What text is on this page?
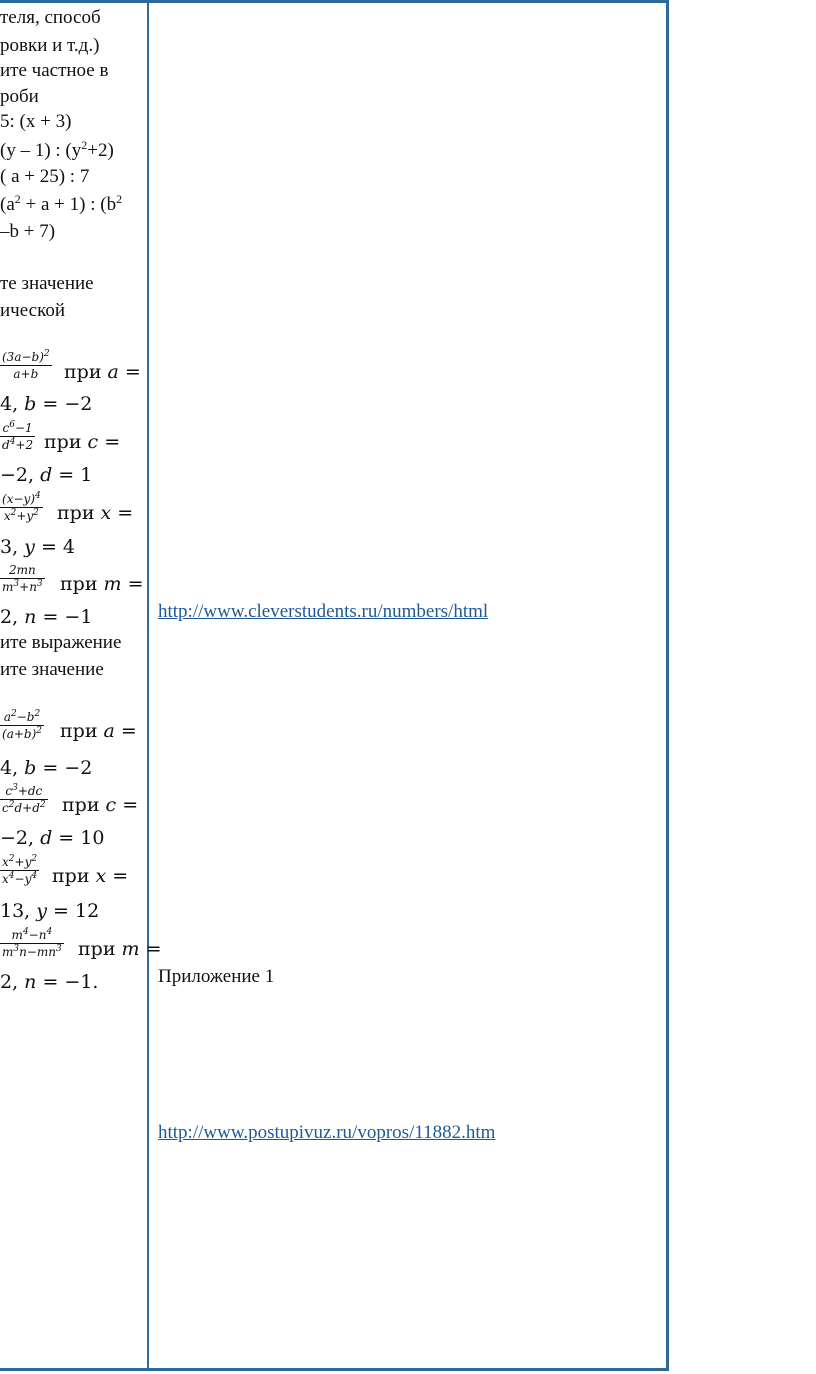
теля, способ
ровки и т.д.)
ите частное в
роби
5: (x + 3)
(y – 1) : $(y^2+2)$
( a + 25) : 7
$(a^2 + a + 1)$ : ($b^2$
–b + 7)
те значение
ической
$\frac{(3a-b)^2}{a+b}$ при a =
4, b = −2
$\frac{c^6-1}{d^4+2}$ при c =
−2, d = 1
$\frac{(x-y)^4}{x^2+y^2}$ при x =
3, y = 4
$\frac{2mn}{m^3+n^3}$ при m =
2, n = −1
ите выражение
ите значение
$\frac{a^2-b^2}{(a+b)^2}$ при a =
4, b = −2
$\frac{c^3+dc}{c^2d+d^2}$ при c =
−2, d = 10
$\frac{x^2+y^2}{x^4-y^4}$ при x =
13, y = 12
$\frac{m^4-n^4}{m^3n-mn^3}$ при m =
2, n = −1.
http://www.cleverstudents.ru/numbers/html
Приложение 1
http://www.postupivuz.ru/vopros/11882.htm
